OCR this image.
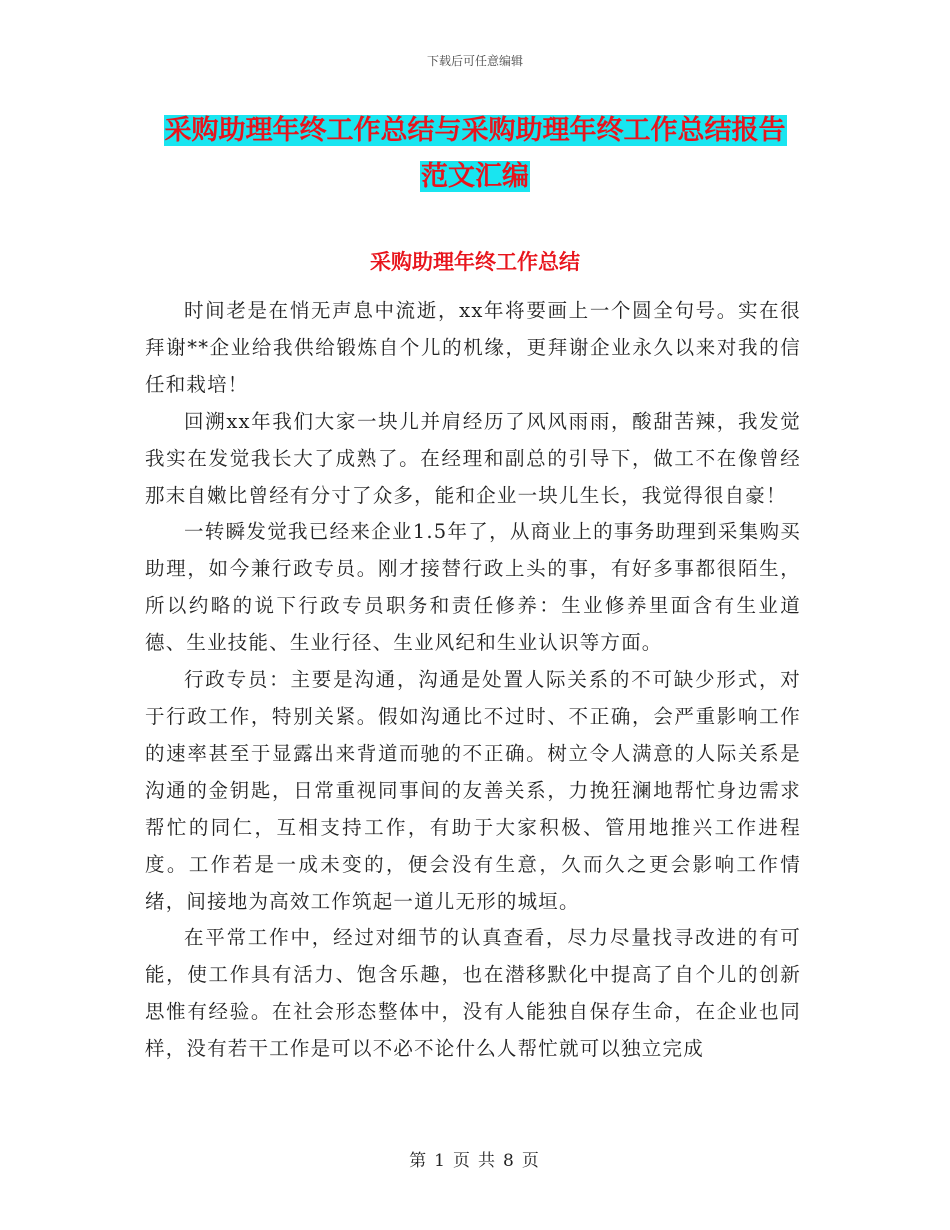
下载后可任意编辑
采购助理年终工作总结与采购助理年终工作总结报告
范文汇编
采购助理年终工作总结

时间老是在悄无声息中流逝，xx年将要画上一个圆全句号。实在很拜谢**企业给我供给锻炼自个儿的机缘，更拜谢企业永久以来对我的信任和栽培！

回溯xx年我们大家一块儿并肩经历了风风雨雨，酸甜苦辣，我发觉我实在发觉我长大了成熟了。在经理和副总的引导下，做工不在像曾经那末自嫩比曾经有分寸了众多，能和企业一块儿生长，我觉得很自豪！

一转瞬发觉我已经来企业1.5年了，从商业上的事务助理到采集购买助理，如今兼行政专员。刚才接替行政上头的事，有好多事都很陌生，所以约略的说下行政专员职务和责任修养：生业修养里面含有生业道德、生业技能、生业行径、生业风纪和生业认识等方面。

行政专员：主要是沟通，沟通是处置人际关系的不可缺少形式，对于行政工作，特别关紧。假如沟通比不过时、不正确，会严重影响工作的速率甚至于显露出来背道而驰的不正确。树立令人满意的人际关系是沟通的金钥匙，日常重视同事间的友善关系，力挽狂澜地帮忙身边需求帮忙的同仁，互相支持工作，有助于大家积极、管用地推兴工作进程度。工作若是一成未变的，便会没有生意，久而久之更会影响工作情绪，间接地为高效工作筑起一道儿无形的城垣。

在平常工作中，经过对细节的认真查看，尽力尽量找寻改进的有可能，使工作具有活力、饱含乐趣，也在潜移默化中提高了自个儿的创新思惟有经验。在社会形态整体中，没有人能独自保存生命，在企业也同样，没有若干工作是可以不必不论什么人帮忙就可以独立完成

第 1 页 共 8 页
